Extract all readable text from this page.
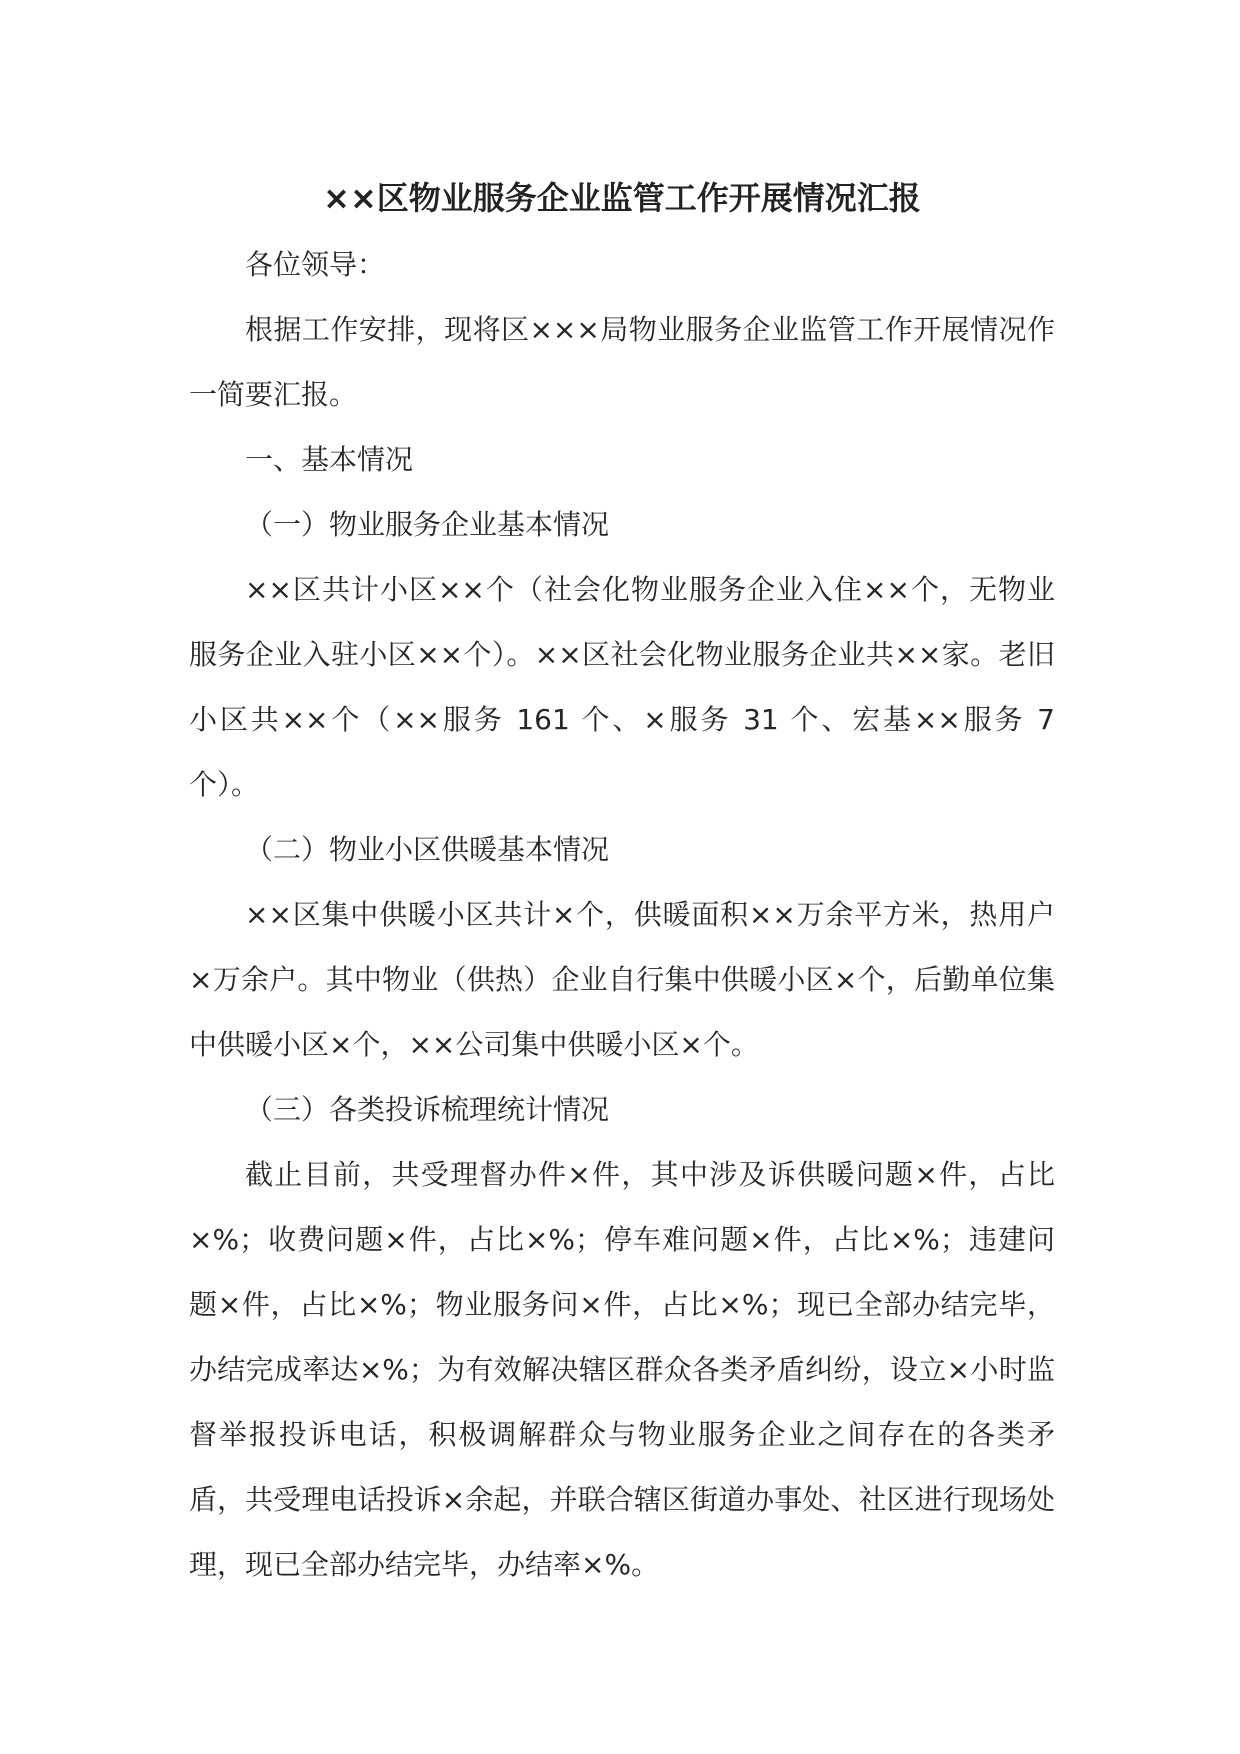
××区物业服务企业监管工作开展情况汇报

各位领导：

根据工作安排，现将区×××局物业服务企业监管工作开展情况作一简要汇报。

一、基本情况

（一）物业服务企业基本情况

××区共计小区××个（社会化物业服务企业入住××个，无物业服务企业入驻小区××个）。××区社会化物业服务企业共××家。老旧小区共××个（××服务 161 个、×服务 31 个、宏基××服务 7 个）。

（二）物业小区供暖基本情况

××区集中供暖小区共计×个，供暖面积××万余平方米，热用户×万余户。其中物业（供热）企业自行集中供暖小区×个，后勤单位集中供暖小区×个，××公司集中供暖小区×个。

（三）各类投诉梳理统计情况

截止目前，共受理督办件×件，其中涉及诉供暖问题×件，占比×%；收费问题×件，占比×%；停车难问题×件，占比×%；违建问题×件，占比×%；物业服务问×件，占比×%；现已全部办结完毕，办结完成率达×%；为有效解决辖区群众各类矛盾纠纷，设立×小时监督举报投诉电话，积极调解群众与物业服务企业之间存在的各类矛盾，共受理电话投诉×余起，并联合辖区街道办事处、社区进行现场处理，现已全部办结完毕，办结率×%。
